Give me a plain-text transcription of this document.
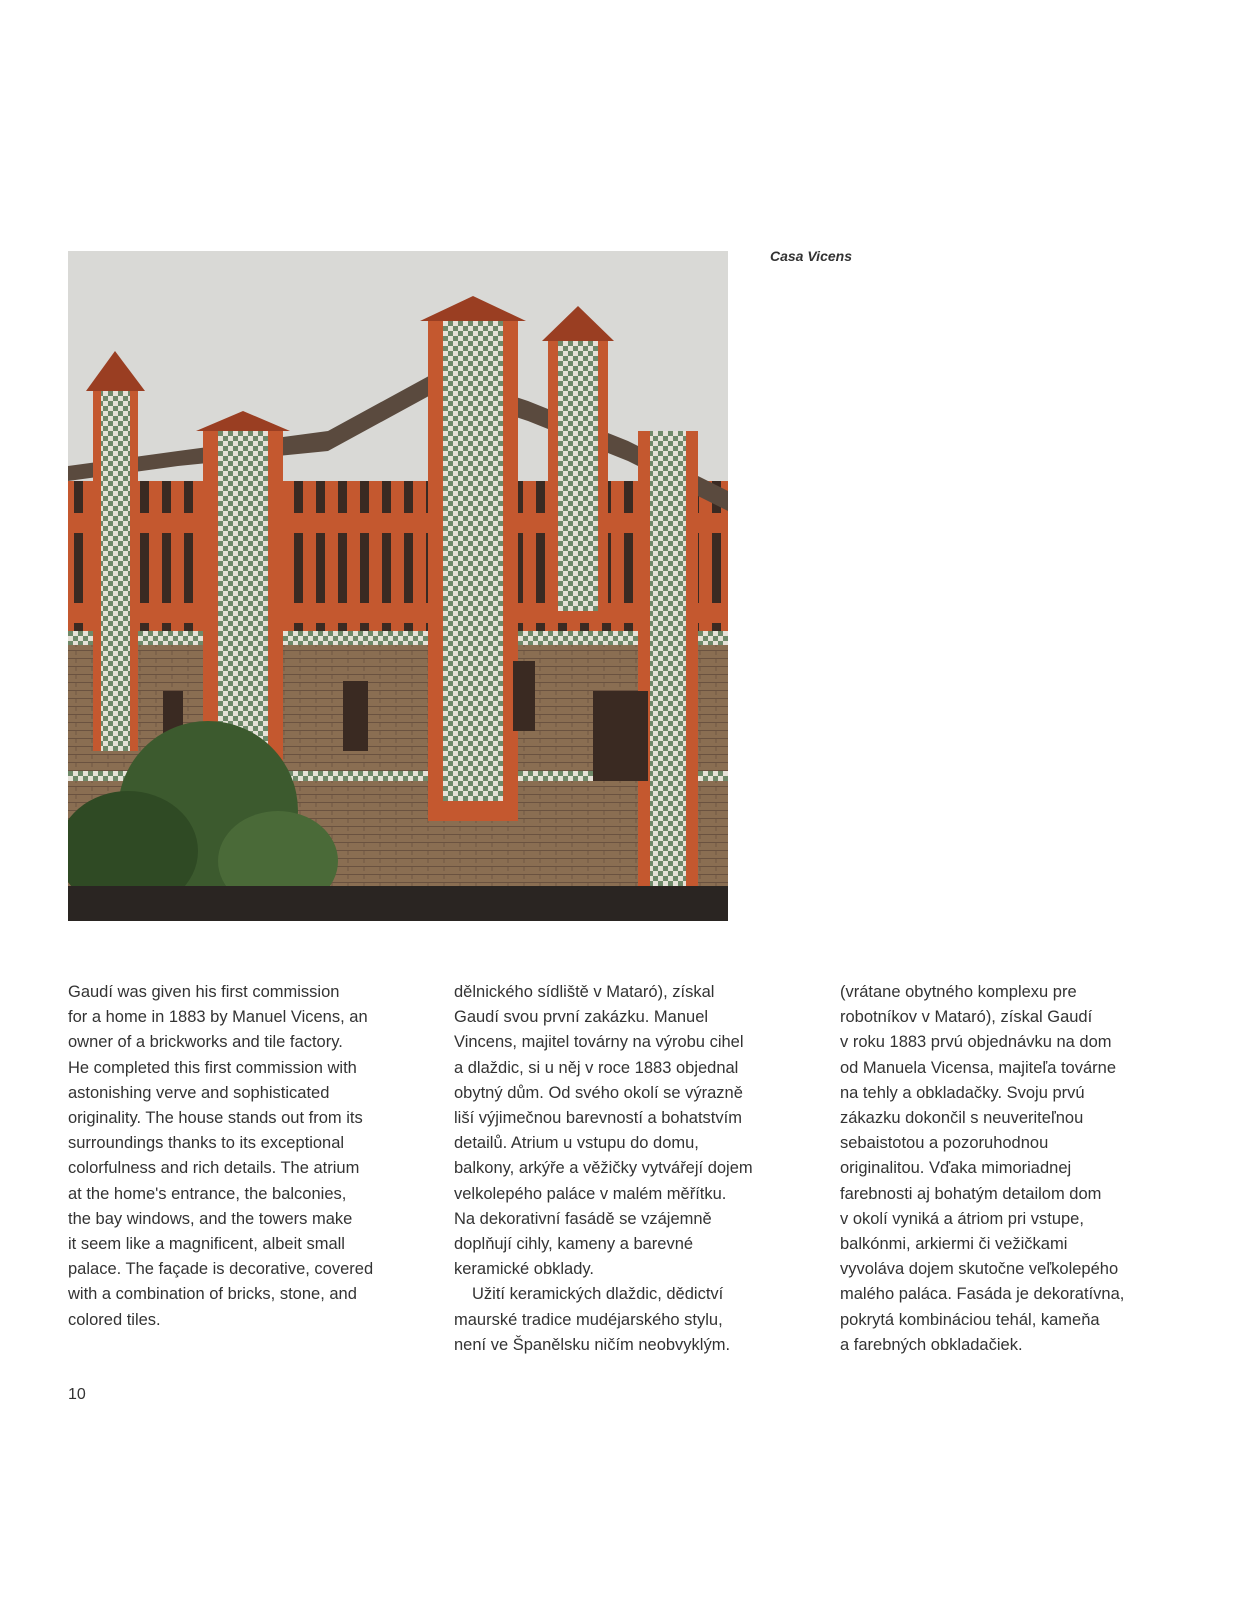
Casa Vicens

Gaudí was given his first commission
for a home in 1883 by Manuel Vicens, an
owner of a brickworks and tile factory.
He completed this first commission with
astonishing verve and sophisticated
originality. The house stands out from its
surroundings thanks to its exceptional
colorfulness and rich details. The atrium
at the home's entrance, the balconies,
the bay windows, and the towers make
it seem like a magnificent, albeit small
palace. The façade is decorative, covered
with a combination of bricks, stone, and
colored tiles.

dělnického sídliště v Mataró), získal
Gaudí svou první zakázku. Manuel
Vincens, majitel továrny na výrobu cihel
a dlaždic, si u něj v roce 1883 objednal
obytný dům. Od svého okolí se výrazně
liší výjimečnou barevností a bohatstvím
detailů. Atrium u vstupu do domu,
balkony, arkýře a věžičky vytvářejí dojem
velkolepého paláce v malém měřítku.
Na dekorativní fasádě se vzájemně
doplňují cihly, kameny a barevné
keramické obklady.

Užití keramických dlaždic, dědictví
maurské tradice mudéjarského stylu,
není ve Španělsku ničím neobvyklým.

(vrátane obytného komplexu pre
robotníkov v Mataró), získal Gaudí
v roku 1883 prvú objednávku na dom
od Manuela Vicensa, majiteľa továrne
na tehly a obkladačky. Svoju prvú
zákazku dokončil s neuveriteľnou
sebaistotou a pozoruhodnou
originalitou. Vďaka mimoriadnej
farebnosti aj bohatým detailom dom
v okolí vyniká a átriom pri vstupe,
balkónmi, arkiermi či vežičkami
vyvoláva dojem skutočne veľkolepého
malého paláca. Fasáda je dekoratívna,
pokrytá kombináciou tehál, kameňa
a farebných obkladačiek.

10
